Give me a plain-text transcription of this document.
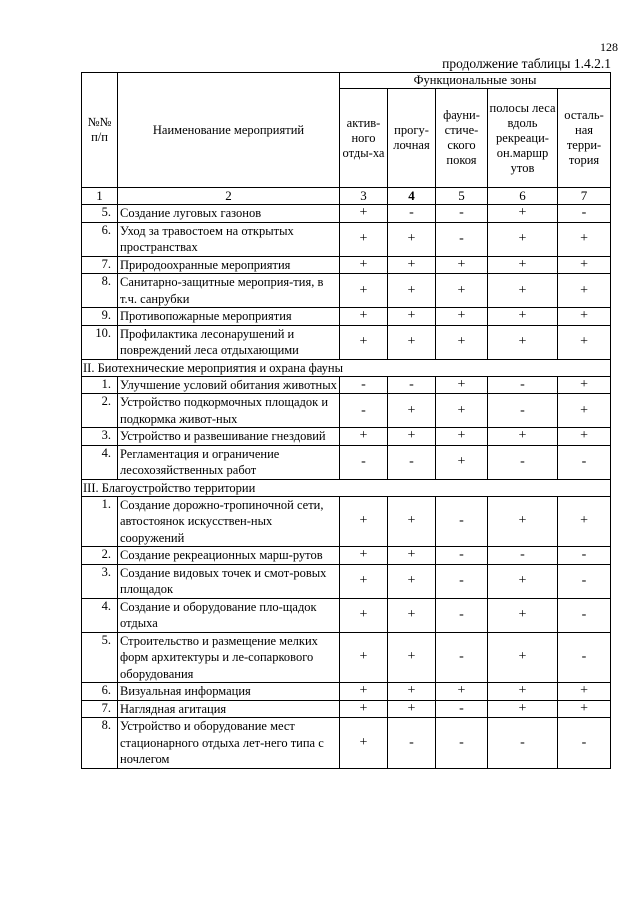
128
продолжение таблицы 1.4.2.1
№№ п/п	Наименование мероприятий	Функциональные зоны				
		актив-ного отды-ха	прогу-лочная	фауни-стиче-ского покоя	полосы леса вдоль рекреаци-он.маршр утов	осталь-ная терри-тория
1	2	3	4	5	6	7
5.	Создание луговых газонов	+	-	-	+	-
6.	Уход за травостоем на открытых пространствах	+	+	-	+	+
7.	Природоохранные мероприятия	+	+	+	+	+
8.	Санитарно-защитные мероприя-тия, в т.ч. санрубки	+	+	+	+	+
9.	Противопожарные мероприятия	+	+	+	+	+
10.	Профилактика лесонарушений и повреждений леса отдыхающими	+	+	+	+	+
II. Биотехнические мероприятия и охрана фауны						
1.	Улучшение условий обитания животных	-	-	+	-	+
2.	Устройство подкормочных площадок и подкормка живот-ных	-	+	+	-	+
3.	Устройство и развешивание гнездовий	+	+	+	+	+
4.	Регламентация и ограничение лесохозяйственных работ	-	-	+	-	-
III. Благоустройство территории						
1.	Создание дорожно-тропиночной сети, автостоянок искусствен-ных сооружений	+	+	-	+	+
2.	Создание рекреационных марш-рутов	+	+	-	-	-
3.	Создание видовых точек и смот-ровых площадок	+	+	-	+	-
4.	Создание и оборудование пло-щадок отдыха	+	+	-	+	-
5.	Строительство и размещение мелких форм архитектуры и ле-сопаркового оборудования	+	+	-	+	-
6.	Визуальная информация	+	+	+	+	+
7.	Наглядная агитация	+	+	-	+	+
8.	Устройство и оборудование мест стационарного отдыха лет-него типа с ночлегом	+	-	-	-	-
